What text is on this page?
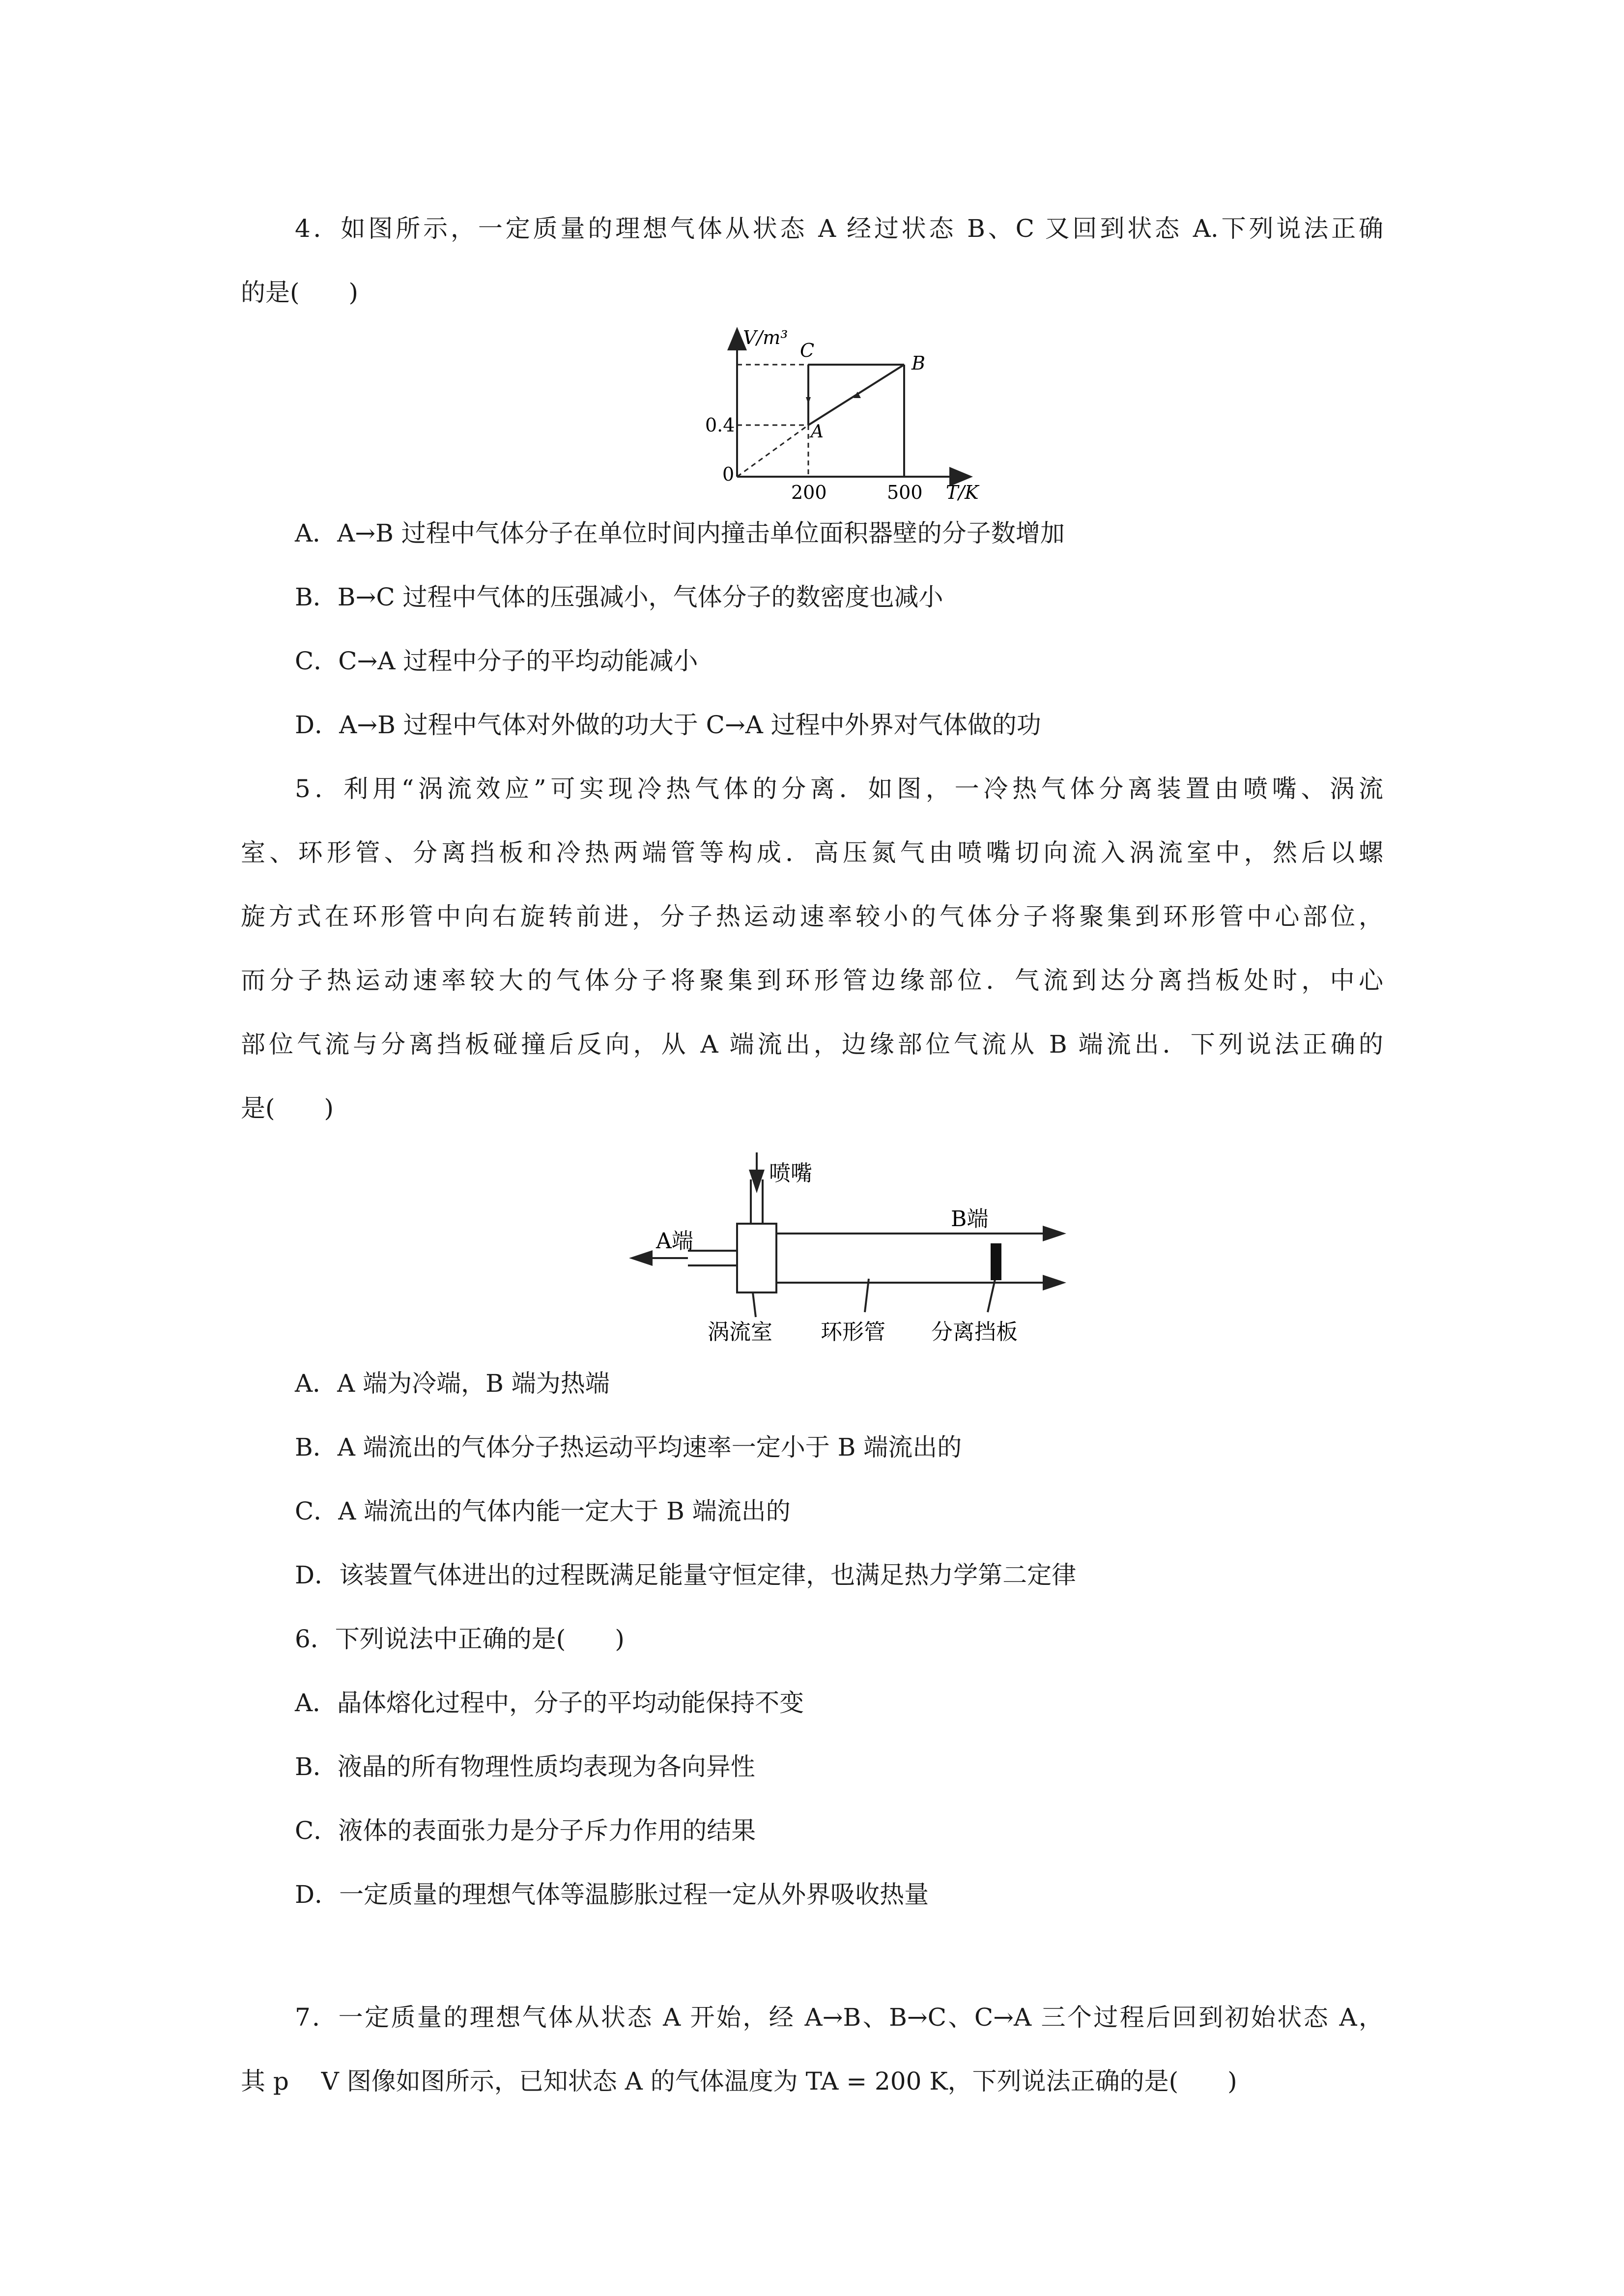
4．如图所示，一定质量的理想气体从状态 A 经过状态 B、C 又回到状态 A.下列说法正确
的是(　　)
V/m³
C
B
A
0.4
0
200	500 T/K
A．A→B 过程中气体分子在单位时间内撞击单位面积器壁的分子数增加
B．B→C 过程中气体的压强减小，气体分子的数密度也减小
C．C→A 过程中分子的平均动能减小
D．A→B 过程中气体对外做的功大于 C→A 过程中外界对气体做的功
5．利用“涡流效应”可实现冷热气体的分离．如图，一冷热气体分离装置由喷嘴、涡流
室、环形管、分离挡板和冷热两端管等构成．高压氮气由喷嘴切向流入涡流室中，然后以螺
旋方式在环形管中向右旋转前进，分子热运动速率较小的气体分子将聚集到环形管中心部位，
而分子热运动速率较大的气体分子将聚集到环形管边缘部位．气流到达分离挡板处时，中心
部位气流与分离挡板碰撞后反向，从 A 端流出，边缘部位气流从 B 端流出．下列说法正确的
是(　　)
喷嘴
A端
B端
涡流室 环形管 分离挡板
A．A 端为冷端，B 端为热端
B．A 端流出的气体分子热运动平均速率一定小于 B 端流出的
C．A 端流出的气体内能一定大于 B 端流出的
D．该装置气体进出的过程既满足能量守恒定律，也满足热力学第二定律
6．下列说法中正确的是(　　)
A．晶体熔化过程中，分子的平均动能保持不变
B．液晶的所有物理性质均表现为各向异性
C．液体的表面张力是分子斥力作用的结果
D．一定质量的理想气体等温膨胀过程一定从外界吸收热量
7．一定质量的理想气体从状态 A 开始，经 A→B、B→C、C→A 三个过程后回到初始状态 A，
其 p　 V 图像如图所示，已知状态 A 的气体温度为 TA = 200 K，下列说法正确的是(　　)
